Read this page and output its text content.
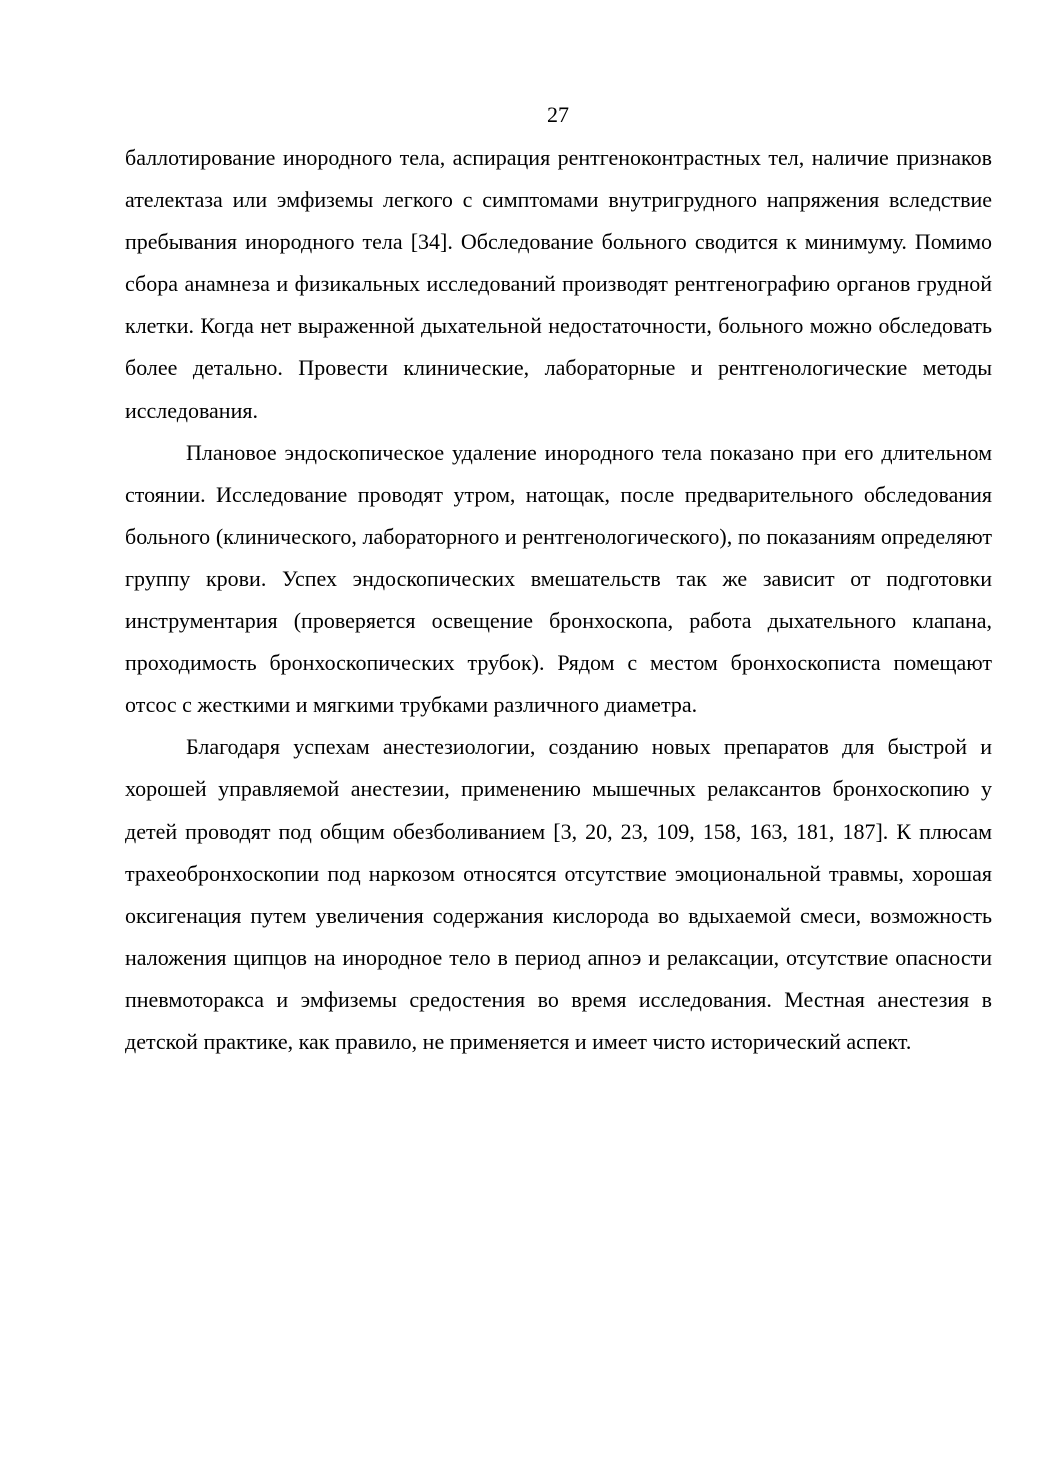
27

баллотирование инородного тела, аспирация рентгеноконтрастных тел, наличие признаков ателектаза или эмфиземы легкого с симптомами внутригрудного напряжения вследствие пребывания инородного тела [34]. Обследование больного сводится к минимуму. Помимо сбора анамнеза и физикальных исследований производят рентгенографию органов грудной клетки. Когда нет выраженной дыхательной недостаточности, больного можно обследовать более детально. Провести клинические, лабораторные и рентгенологические методы исследования.

Плановое эндоскопическое удаление инородного тела показано при его длительном стоянии. Исследование проводят утром, натощак, после предварительного обследования больного (клинического, лабораторного и рентгенологического), по показаниям определяют группу крови. Успех эндоскопических вмешательств так же зависит от подготовки инструментария (проверяется освещение бронхоскопа, работа дыхательного клапана, проходимость бронхоскопических трубок). Рядом с местом бронхоскописта помещают отсос с жесткими и мягкими трубками различного диаметра.

Благодаря успехам анестезиологии, созданию новых препаратов для быстрой и хорошей управляемой анестезии, применению мышечных релаксантов бронхоскопию у детей проводят под общим обезболиванием [3, 20, 23, 109, 158, 163, 181, 187]. К плюсам трахеобронхоскопии под наркозом относятся отсутствие эмоциональной травмы, хорошая оксигенация путем увеличения содержания кислорода во вдыхаемой смеси, возможность наложения щипцов на инородное тело в период апноэ и релаксации, отсутствие опасности пневмоторакса и эмфиземы средостения во время исследования. Местная анестезия в детской практике, как правило, не применяется и имеет чисто исторический аспект.
